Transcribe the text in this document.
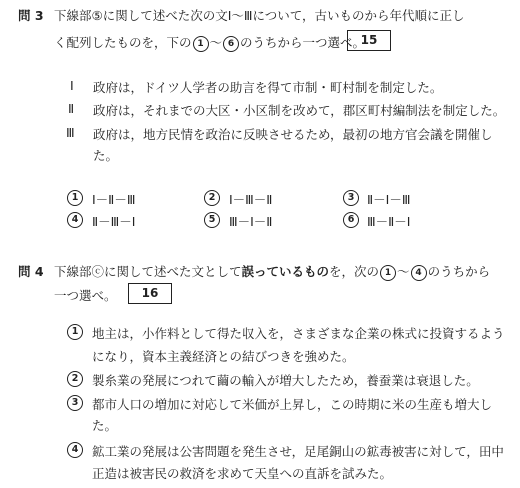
問 3 下線部⑤に関して述べた次の文Ⅰ～Ⅲについて，古いものから年代順に正し
く配列したものを，下の 1 ～ 6 のうちから一つ選べ。
15
Ⅰ 政府は，ドイツ人学者の助言を得て市制・町村制を制定した。
Ⅱ 政府は，それまでの大区・小区制を改めて，郡区町村編制法を制定した。
Ⅲ 政府は，地方民情を政治に反映させるため，最初の地方官会議を開催し
た。
1	Ⅰ－Ⅱ－Ⅲ	2	Ⅰ－Ⅲ－Ⅱ	3	Ⅱ－Ⅰ－Ⅲ
4	Ⅱ－Ⅲ－Ⅰ	5	Ⅲ－Ⅰ－Ⅱ	6	Ⅲ－Ⅱ－Ⅰ
問 4 下線部ⓒに関して述べた文として誤っているものを，次の 1 ～ 4 のうちから
一つ選べ。	16
1	地主は，小作料として得た収入を，さまざまな企業の株式に投資するよう
になり，資本主義経済との結びつきを強めた。
2	製糸業の発展につれて繭の輸入が増大したため，養蚕業は衰退した。
3	都市人口の増加に対応して米価が上昇し，この時期に米の生産も増大し
た。
4	鉱工業の発展は公害問題を発生させ，足尾銅山の鉱毒被害に対して，田中
正造は被害民の救済を求めて天皇への直訴を試みた。
